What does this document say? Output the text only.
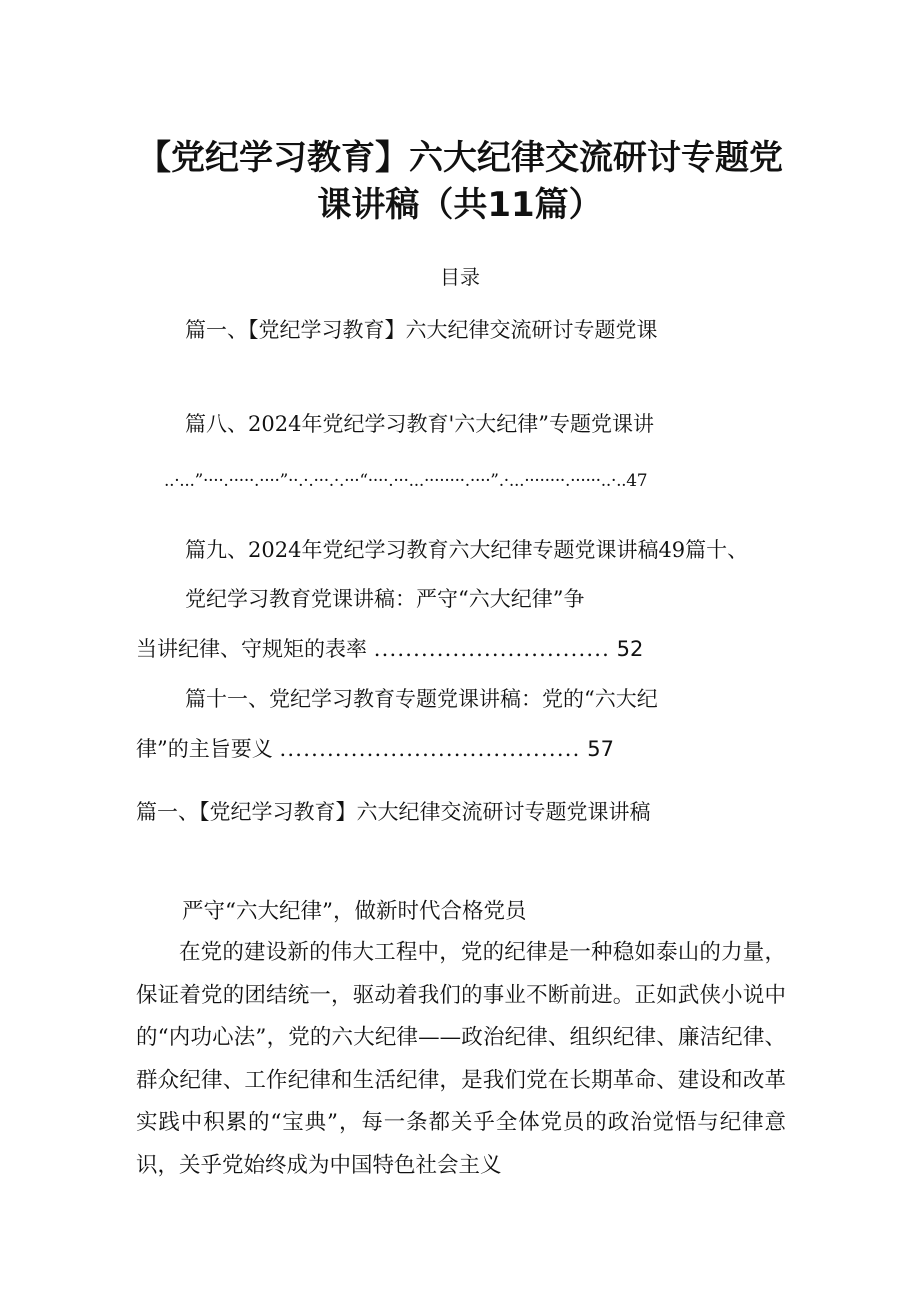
【党纪学习教育】六大纪律交流研讨专题党
课讲稿（共11篇）
目录
篇一、【党纪学习教育】六大纪律交流研讨专题党课
篇八、2024年党纪学习教育'六大纪律”专题党课讲
..·...”····.·····.····”··.·.···.·.···“····.···...········.····”.·...········.······..·..47
篇九、2024年党纪学习教育六大纪律专题党课讲稿49篇十、
党纪学习教育党课讲稿：严守“六大纪律”争
当讲纪律、守规矩的表率 .............................. 52
篇十一、党纪学习教育专题党课讲稿：党的“六大纪
律”的主旨要义 ...................................... 57
篇一、【党纪学习教育】六大纪律交流研讨专题党课讲稿
严守“六大纪律”，做新时代合格党员

在党的建设新的伟大工程中，党的纪律是一种稳如泰山的力量，保证着党的团结统一，驱动着我们的事业不断前进。正如武侠小说中的“内功心法”，党的六大纪律——政治纪律、组织纪律、廉洁纪律、群众纪律、工作纪律和生活纪律，是我们党在长期革命、建设和改革实践中积累的“宝典”，每一条都关乎全体党员的政治觉悟与纪律意识，关乎党始终成为中国特色社会主义
